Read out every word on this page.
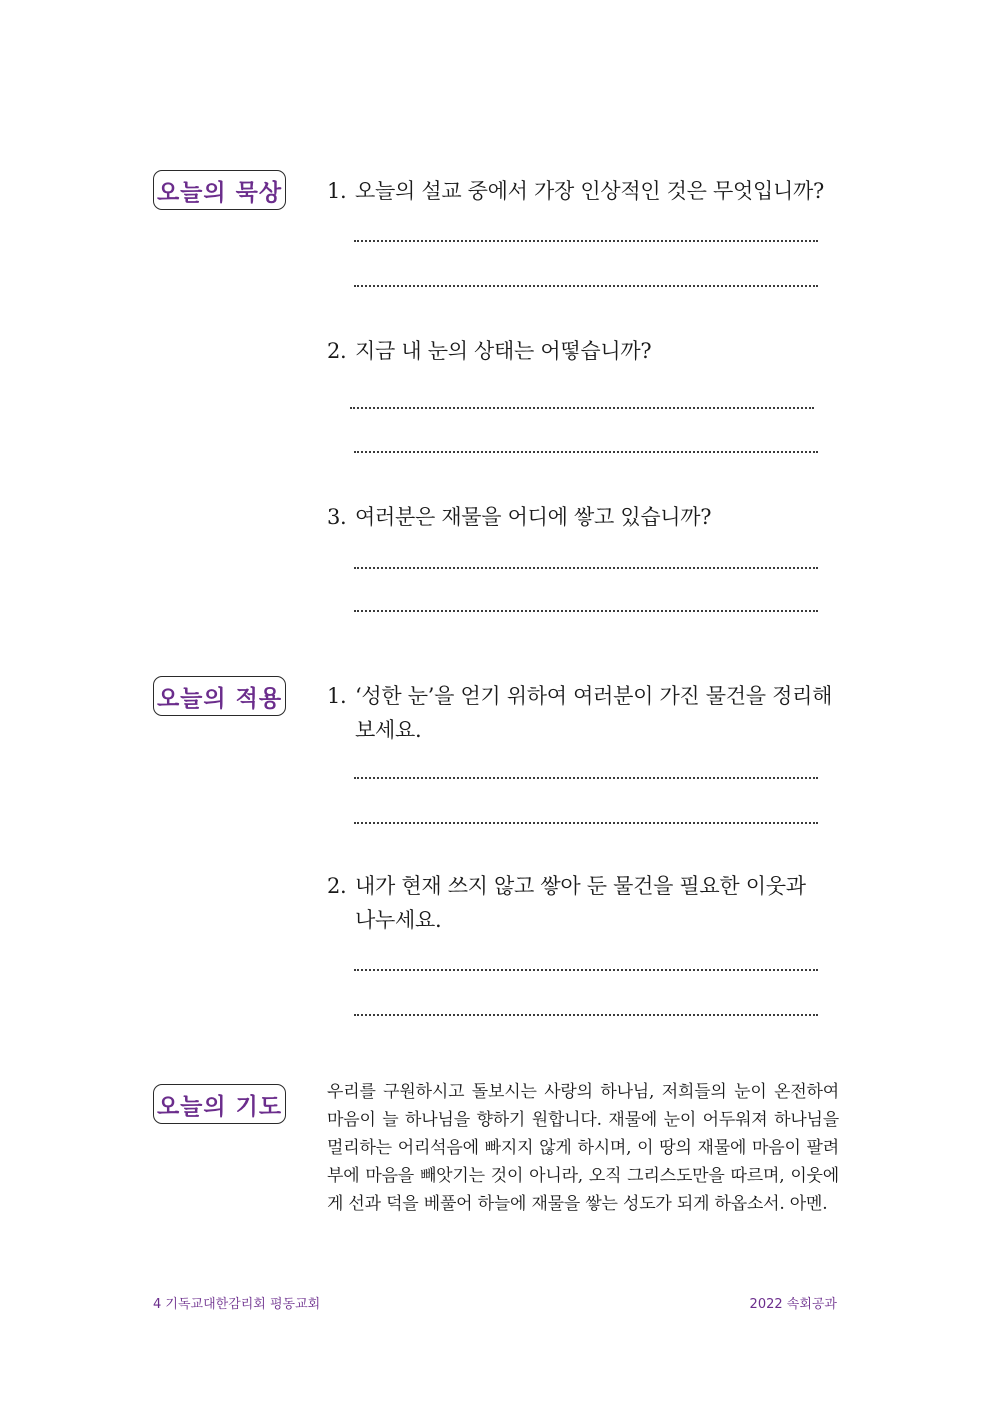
오늘의 묵상 1. 오늘의 설교 중에서 가장 인상적인 것은 무엇입니까?
2. 지금 내 눈의 상태는 어떻습니까?
3. 여러분은 재물을 어디에 쌓고 있습니까?
오늘의 적용 1. ‘성한 눈’을 얻기 위하여 여러분이 가진 물건을 정리해
보세요.
2. 내가 현재 쓰지 않고 쌓아 둔 물건을 필요한 이웃과
나누세요.
오늘의 기도
우리를 구원하시고 돌보시는 사랑의 하나님, 저희들의 눈이 온전하여 마음이 늘 하나님을 향하기 원합니다. 재물에 눈이 어두워져 하나님을 멀리하는 어리석음에 빠지지 않게 하시며, 이 땅의 재물에 마음이 팔려 부에 마음을 빼앗기는 것이 아니라, 오직 그리스도만을 따르며, 이웃에게 선과 덕을 베풀어 하늘에 재물을 쌓는 성도가 되게 하옵소서. 아멘.
4 기독교대한감리회 평동교회	2022 속회공과
